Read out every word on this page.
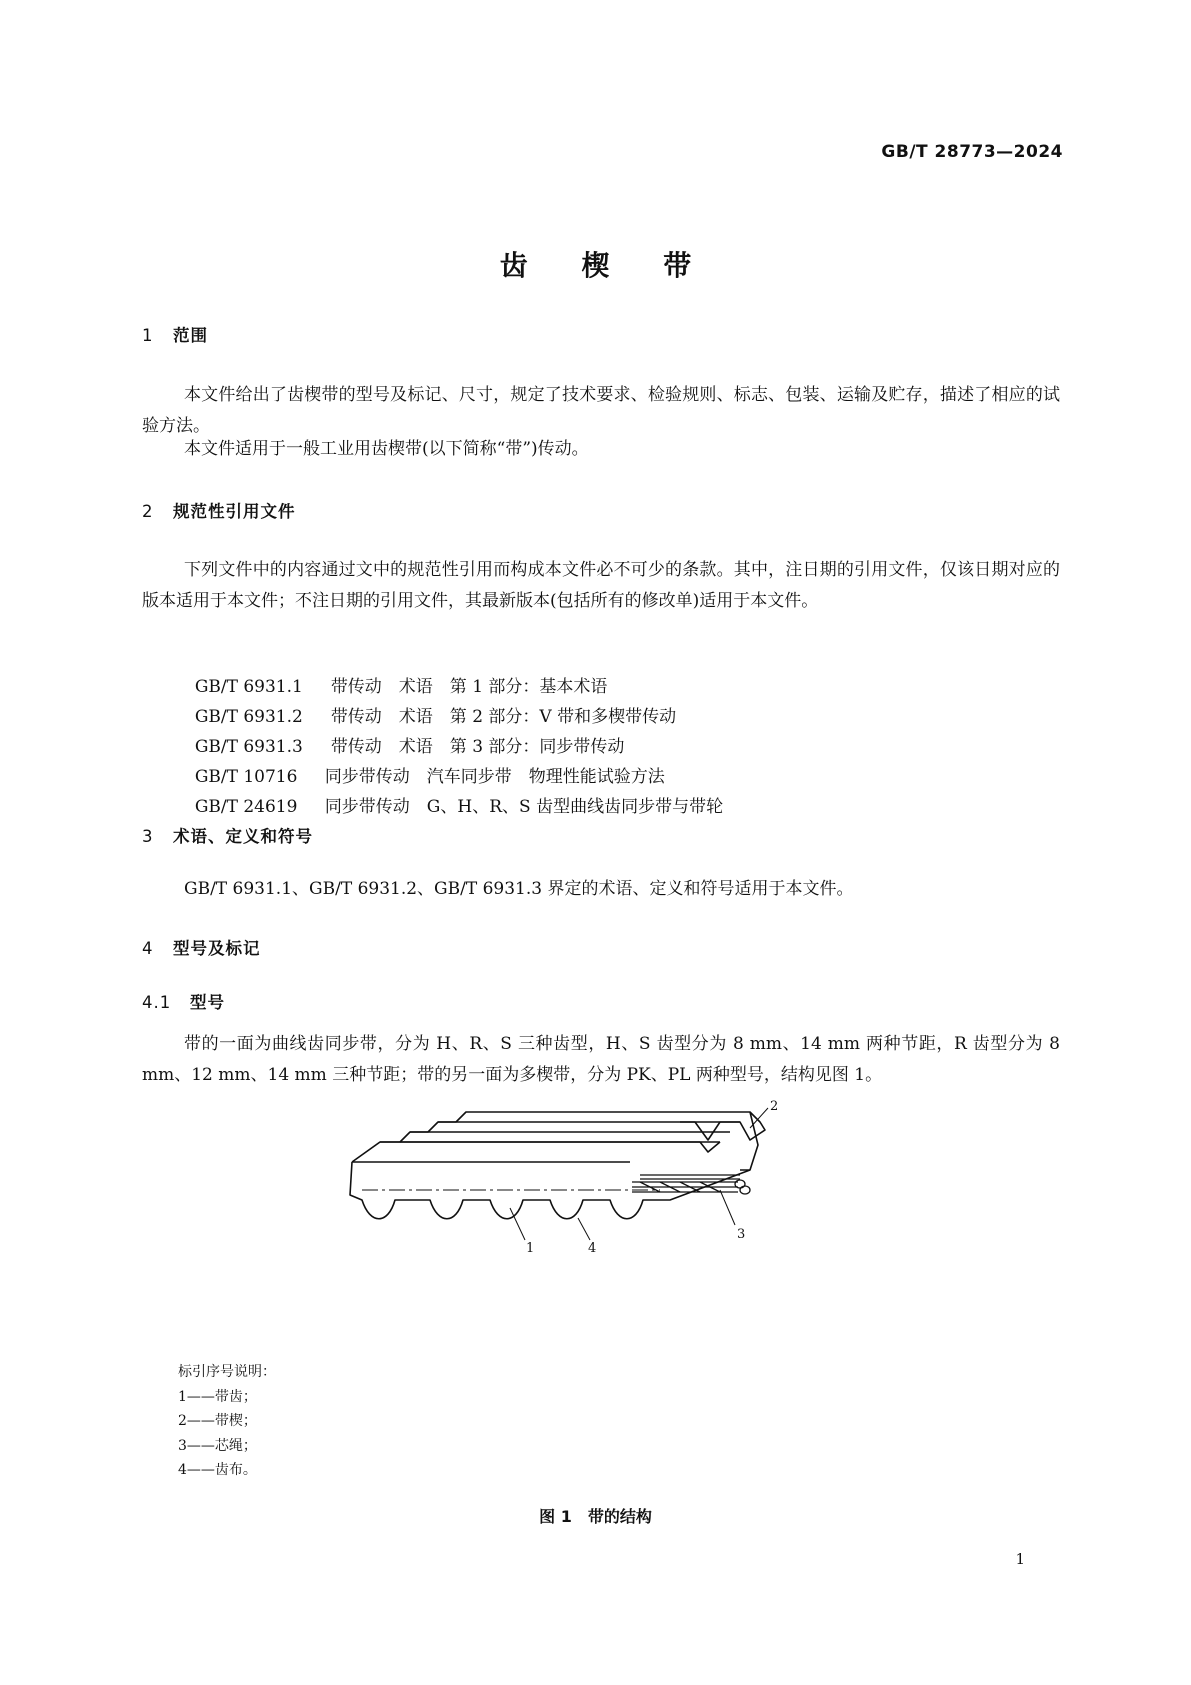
GB/T 28773—2024
齿 楔 带
1 范围
本文件给出了齿楔带的型号及标记、尺寸，规定了技术要求、检验规则、标志、包装、运输及贮存，描述了相应的试验方法。
本文件适用于一般工业用齿楔带(以下简称“带”)传动。
2 规范性引用文件
下列文件中的内容通过文中的规范性引用而构成本文件必不可少的条款。其中，注日期的引用文件，仅该日期对应的版本适用于本文件；不注日期的引用文件，其最新版本(包括所有的修改单)适用于本文件。

GB/T 6931.1 带传动　术语　第 1 部分：基本术语

GB/T 6931.2 带传动　术语　第 2 部分：V 带和多楔带传动

GB/T 6931.3 带传动　术语　第 3 部分：同步带传动

GB/T 10716 同步带传动　汽车同步带　物理性能试验方法

GB/T 24619 同步带传动　G、H、R、S 齿型曲线齿同步带与带轮

3 术语、定义和符号
GB/T 6931.1、GB/T 6931.2、GB/T 6931.3 界定的术语、定义和符号适用于本文件。
4 型号及标记
4.1 型号
带的一面为曲线齿同步带，分为 H、R、S 三种齿型，H、S 齿型分为 8 mm、14 mm 两种节距，R 齿型分为 8 mm、12 mm、14 mm 三种节距；带的另一面为多楔带，分为 PK、PL 两种型号，结构见图 1。
1
2
3
4
标引序号说明：
1——带齿；
2——带楔；
3——芯绳；
4——齿布。
图 1 带的结构
1
